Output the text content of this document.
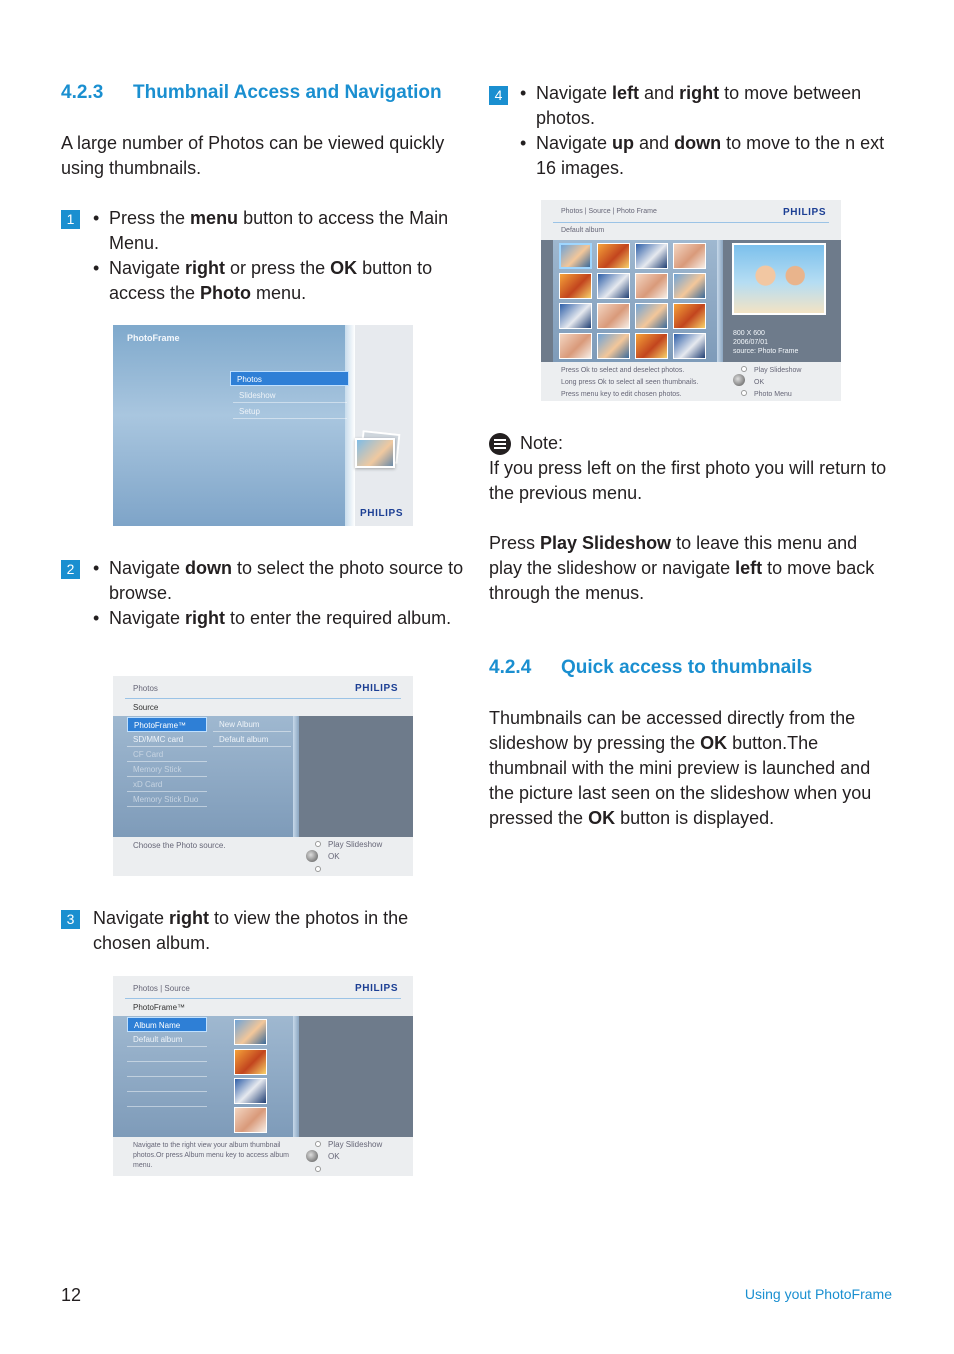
4.2.3 Thumbnail Access and Navigation

A large number of Photos can be viewed quickly using thumbnails.

1	• Press the menu button to access the Main Menu.
• Navigate right or press the OK button to access the Photo menu.
PhotoFrame
Photos
Slideshow
Setup
PHILIPS
2	• Navigate down to select the photo source to browse.
• Navigate right to enter the required album.
Photos	PHILIPS
Source
PhotoFrame™
SD/MMC card
CF Card
Memory Stick
xD Card
Memory Stick Duo
New Album
Default album
Choose the Photo source.	Play Slideshow
OK
3	Navigate right to view the photos in the chosen album.

Photos | Source	PHILIPS
PhotoFrame™
Album Name
Default album
Navigate to the right view your album thumbnail photos.Or press Album menu key to access album menu.
Play Slideshow
OK
4	• Navigate left and right to move between photos.
• Navigate up and down to move to the n ext 16 images.
Photos | Source | Photo Frame	PHILIPS
Default album
800 X 600
2006/07/01
source: Photo Frame
Press Ok to select and deselect photos.
Long press Ok to select all seen thumbnails.
Press menu key to edit chosen photos.
Play Slideshow
OK
Photo Menu
Note:

If you press left on the first photo you will return to the previous menu.

Press Play Slideshow to leave this menu and play the slideshow or navigate left to move back through the menus.

4.2.4 Quick access to thumbnails

Thumbnails can be accessed directly from the slideshow by pressing the OK button.The thumbnail with the mini preview is launched and the picture last seen on the slideshow when you pressed the OK button is displayed.

12	Using yout PhotoFrame
